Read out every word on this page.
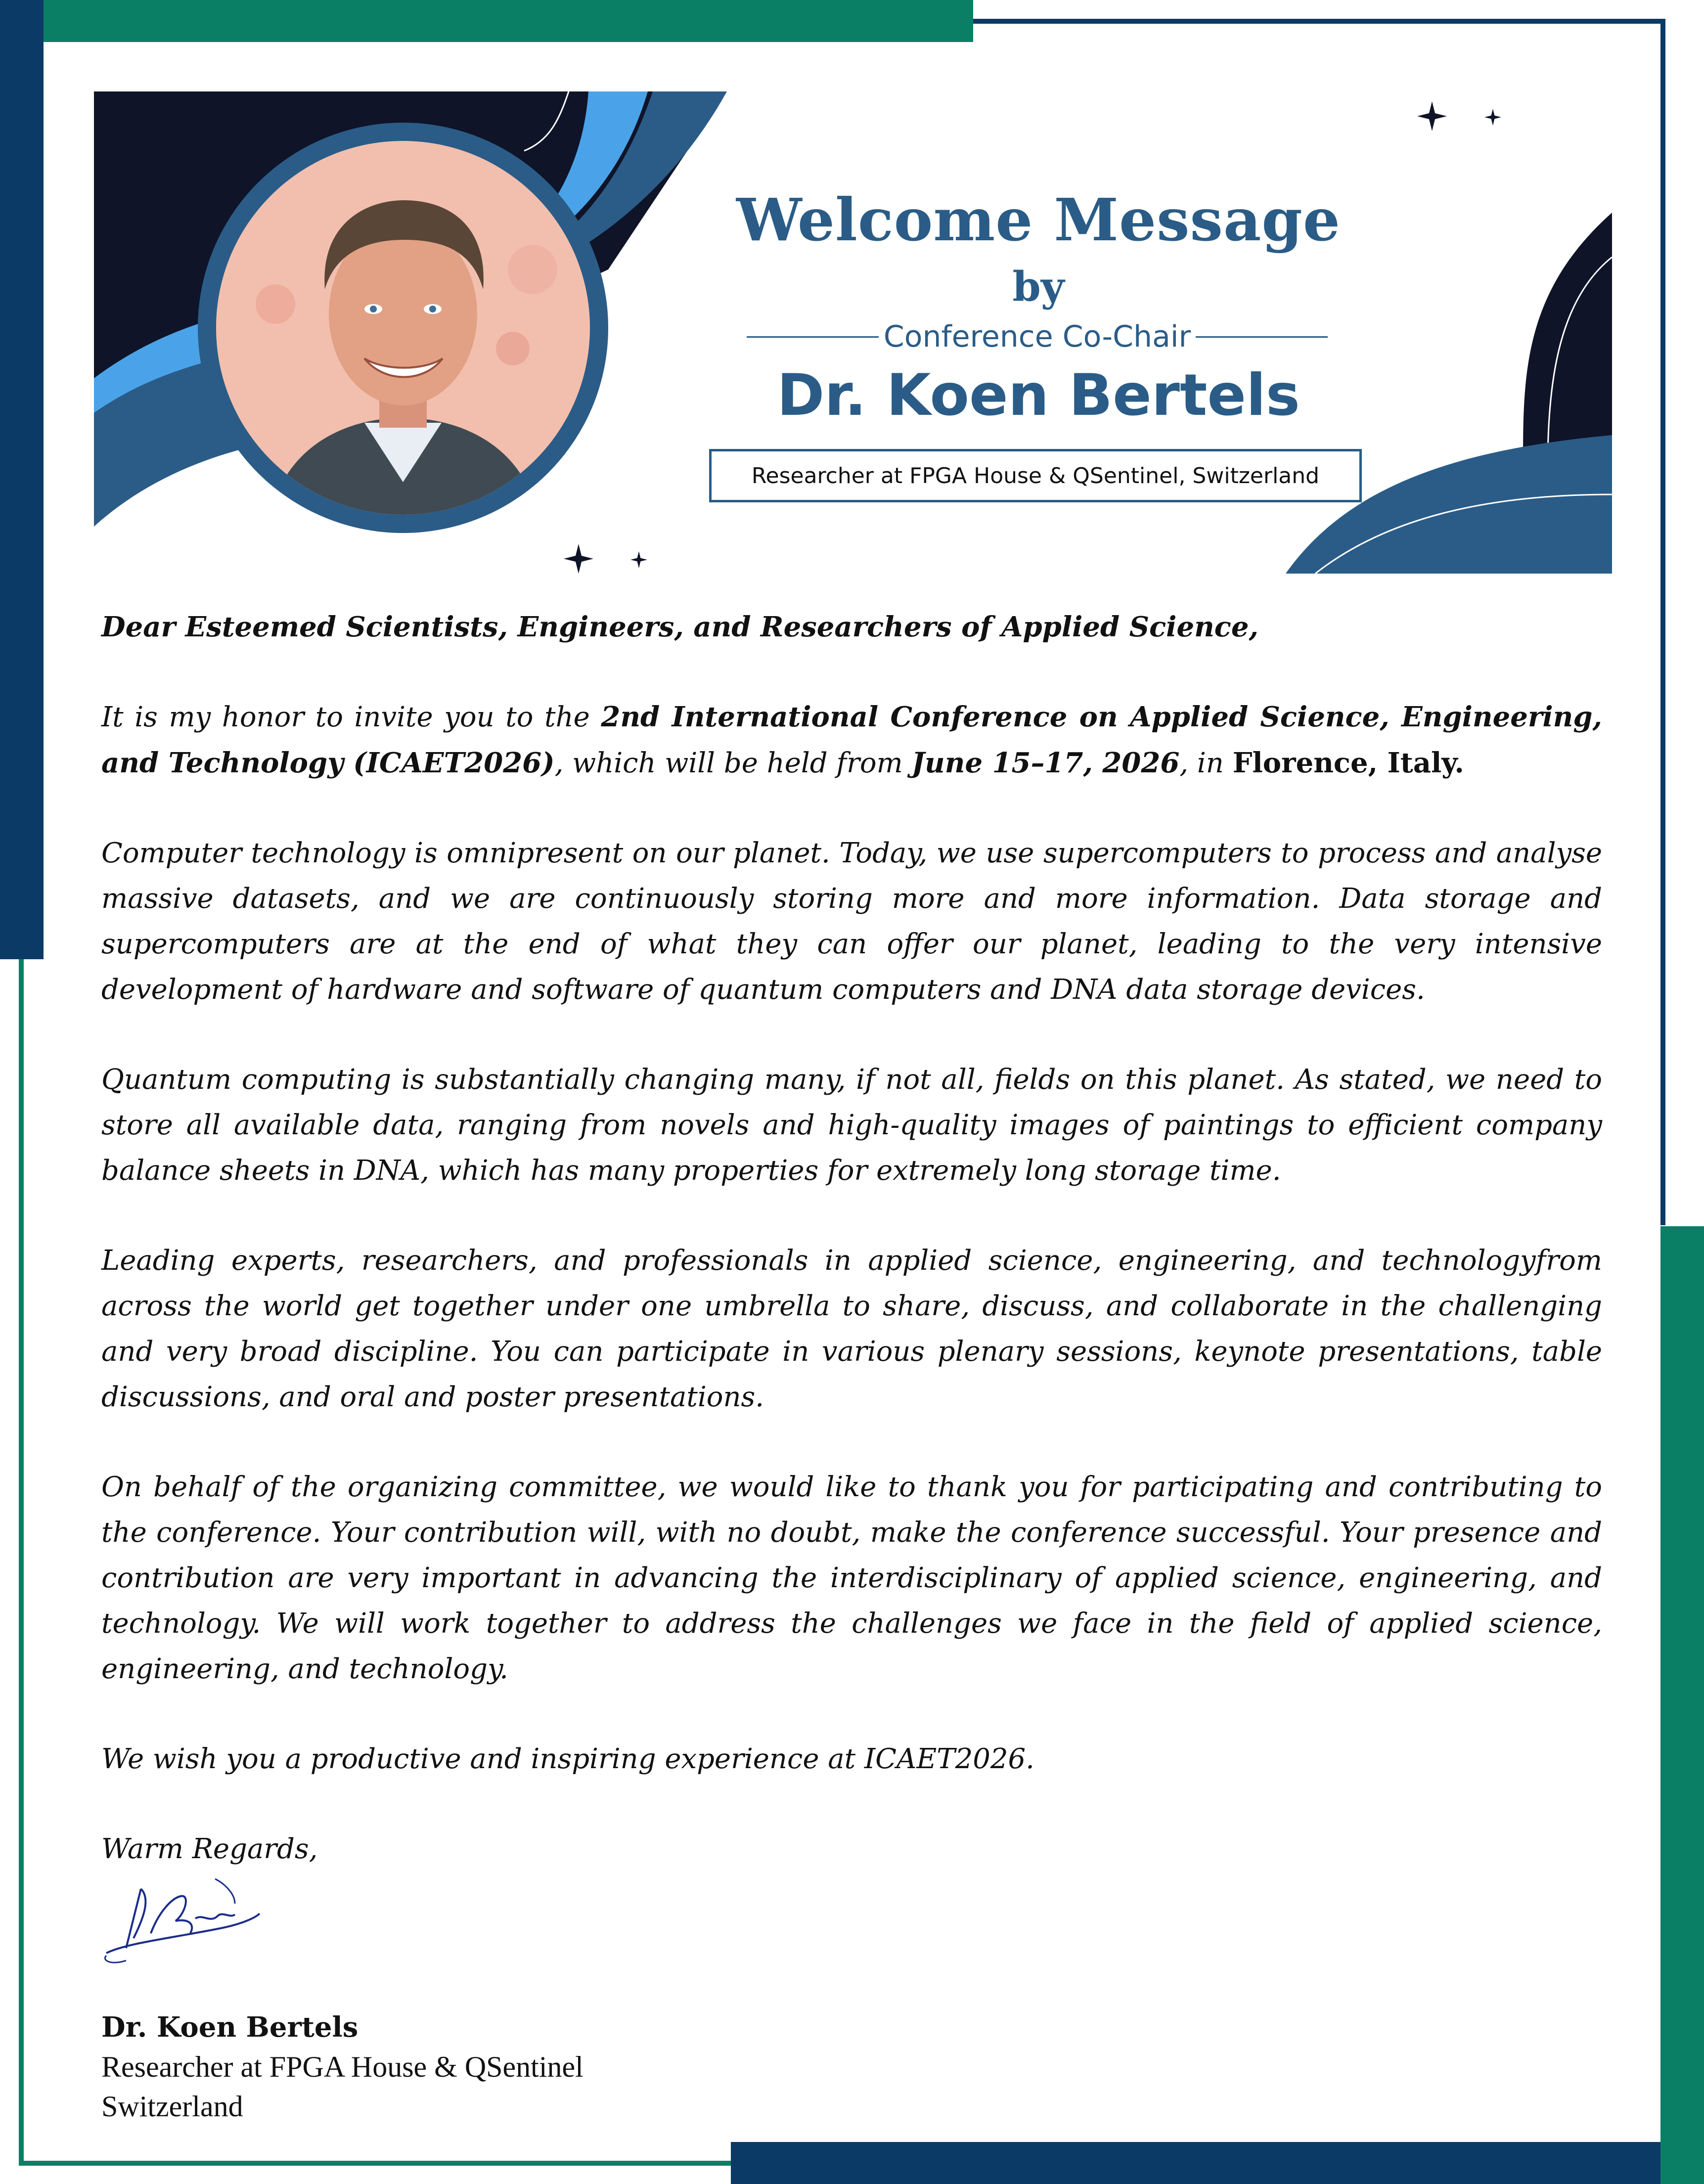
Welcome Message
by
Conference Co-Chair
Dr. Koen Bertels
Researcher at FPGA House & QSentinel, Switzerland

Dear Esteemed Scientists, Engineers, and Researchers of Applied Science,

It is my honor to invite you to the 2nd International Conference on Applied Science, Engineering, and Technology (ICAET2026), which will be held from June 15–17, 2026, in Florence, Italy.

Computer technology is omnipresent on our planet. Today, we use supercomputers to process and analyse massive datasets, and we are continuously storing more and more information. Data storage and supercomputers are at the end of what they can offer our planet, leading to the very intensive development of hardware and software of quantum computers and DNA data storage devices.

Quantum computing is substantially changing many, if not all, fields on this planet. As stated, we need to store all available data, ranging from novels and high-quality images of paintings to efficient company balance sheets in DNA, which has many properties for extremely long storage time.

Leading experts, researchers, and professionals in applied science, engineering, and technologyfrom across the world get together under one umbrella to share, discuss, and collaborate in the challenging and very broad discipline. You can participate in various plenary sessions, keynote presentations, table discussions, and oral and poster presentations.

On behalf of the organizing committee, we would like to thank you for participating and contributing to the conference. Your contribution will, with no doubt, make the conference successful. Your presence and contribution are very important in advancing the interdisciplinary of applied science, engineering, and technology. We will work together to address the challenges we face in the field of applied science, engineering, and technology.

We wish you a productive and inspiring experience at ICAET2026.

Warm Regards,

Dr. Koen Bertels
Researcher at FPGA House & QSentinel
Switzerland
